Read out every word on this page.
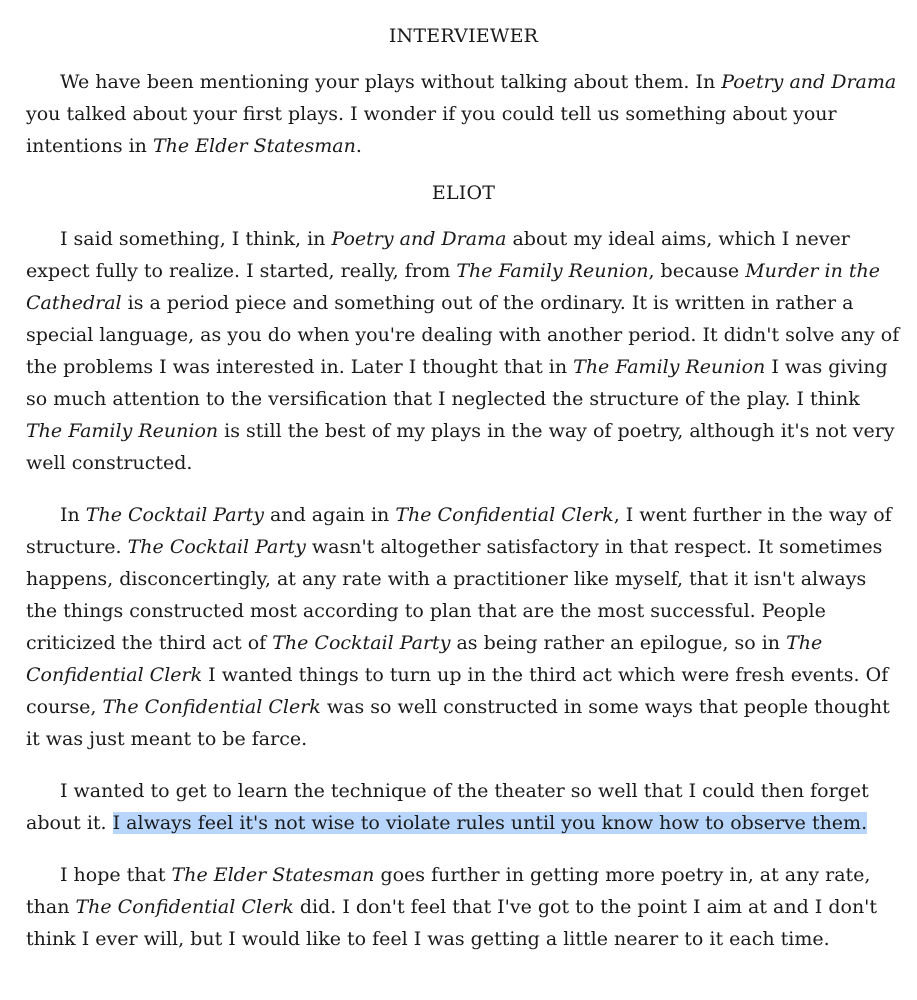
INTERVIEWER

We have been mentioning your plays without talking about them. In Poetry and Drama you talked about your first plays. I wonder if you could tell us something about your intentions in The Elder Statesman.

ELIOT

I said something, I think, in Poetry and Drama about my ideal aims, which I never expect fully to realize. I started, really, from The Family Reunion, because Murder in the Cathedral is a period piece and something out of the ordinary. It is written in rather a special language, as you do when you're dealing with another period. It didn't solve any of the problems I was interested in. Later I thought that in The Family Reunion I was giving so much attention to the versification that I neglected the structure of the play. I think The Family Reunion is still the best of my plays in the way of poetry, although it's not very well constructed.

In The Cocktail Party and again in The Confidential Clerk, I went further in the way of structure. The Cocktail Party wasn't altogether satisfactory in that respect. It sometimes happens, disconcertingly, at any rate with a practitioner like myself, that it isn't always the things constructed most according to plan that are the most successful. People criticized the third act of The Cocktail Party as being rather an epilogue, so in The Confidential Clerk I wanted things to turn up in the third act which were fresh events. Of course, The Confidential Clerk was so well constructed in some ways that people thought it was just meant to be farce.

I wanted to get to learn the technique of the theater so well that I could then forget about it. I always feel it's not wise to violate rules until you know how to observe them.

I hope that The Elder Statesman goes further in getting more poetry in, at any rate, than The Confidential Clerk did. I don't feel that I've got to the point I aim at and I don't think I ever will, but I would like to feel I was getting a little nearer to it each time.
